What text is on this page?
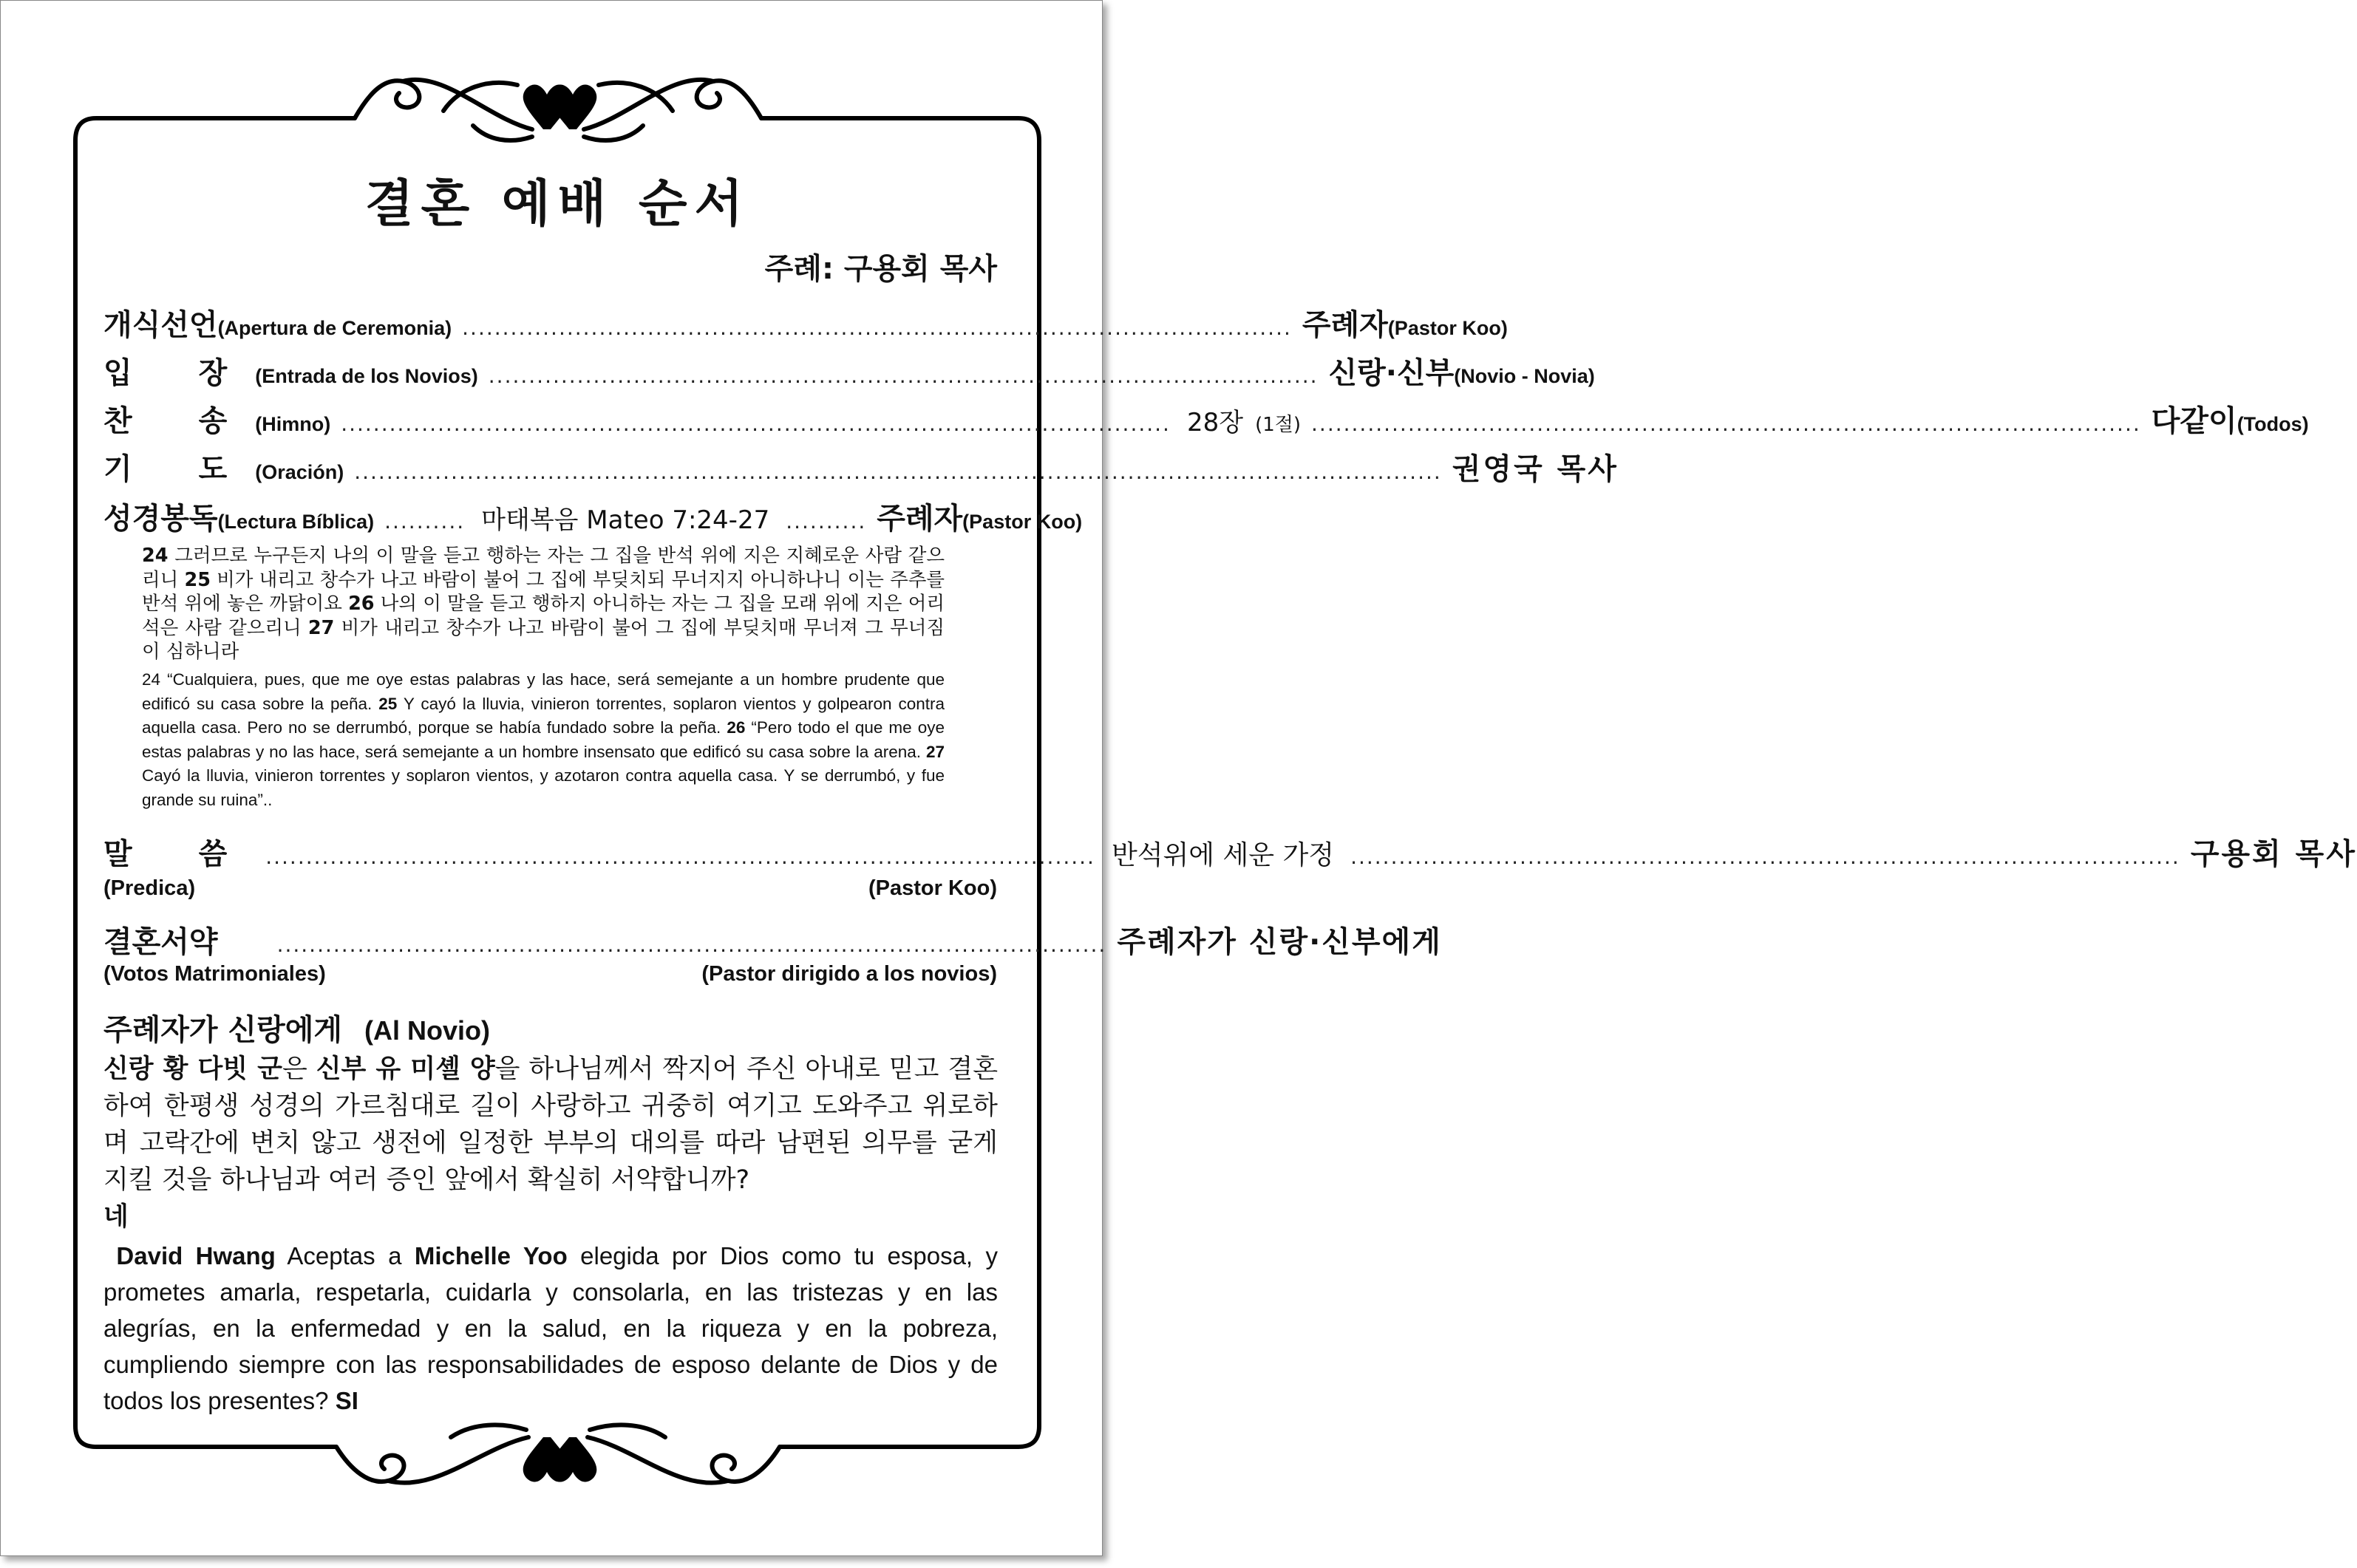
결혼 예배 순서
주례: 구용회 목사
개식선언 (Apertura de Ceremonia) ....................................................................................................... 주례자 (Pastor Koo)
입 장 (Entrada de los Novios) ....................................................................................................... 신랑·신부 (Novio - Novia)
찬 송 (Himno) ....................................................................................................... 28장 (1절) ....................................................................................................... 다같이 (Todos)
기 도 (Oración) ....................................................................................................................................... 권영국 목사
성경봉독 (Lectura Bíblica) .......... 마태복음 Mateo 7:24-27 .......... 주례자 (Pastor Koo)
24 그러므로 누구든지 나의 이 말을 듣고 행하는 자는 그 집을 반석 위에 지은 지혜로운 사람 같으리니 25 비가 내리고 창수가 나고 바람이 불어 그 집에 부딪치되 무너지지 아니하나니 이는 주추를 반석 위에 놓은 까닭이요 26 나의 이 말을 듣고 행하지 아니하는 자는 그 집을 모래 위에 지은 어리석은 사람 같으리니 27 비가 내리고 창수가 나고 바람이 불어 그 집에 부딪치매 무너져 그 무너짐이 심하니라
24 “Cualquiera, pues, que me oye estas palabras y las hace, será semejante a un hombre prudente que edificó su casa sobre la peña. 25 Y cayó la lluvia, vinieron torrentes, soplaron vientos y golpearon contra aquella casa. Pero no se derrumbó, porque se había fundado sobre la peña. 26 “Pero todo el que me oye estas palabras y no las hace, será semejante a un hombre insensato que edificó su casa sobre la arena. 27 Cayó la lluvia, vinieron torrentes y soplaron vientos, y azotaron contra aquella casa. Y se derrumbó, y fue grande su ruina”..
말 씀 ....................................................................................................... 반석위에 세운 가정 ....................................................................................................... 구용회 목사
(Predica)	(Pastor Koo)
결혼서약	....................................................................................................... 주례자가 신랑·신부에게
(Votos Matrimoniales)	(Pastor dirigido a los novios)
주례자가 신랑에게 (Al Novio)
신랑 황 다빗 군은 신부 유 미셸 양을 하나님께서 짝지어 주신 아내로 믿고 결혼하여 한평생 성경의 가르침대로 길이 사랑하고 귀중히 여기고 도와주고 위로하며 고락간에 변치 않고 생전에 일정한 부부의 대의를 따라 남편된 의무를 굳게 지킬 것을 하나님과 여러 증인 앞에서 확실히 서약합니까?
네
David Hwang Aceptas a Michelle Yoo elegida por Dios como tu esposa, y prometes amarla, respetarla, cuidarla y consolarla, en las tristezas y en las alegrías, en la enfermedad y en la salud, en la riqueza y en la pobreza, cumpliendo siempre con las responsabilidades de esposo delante de Dios y de todos los presentes? SI
